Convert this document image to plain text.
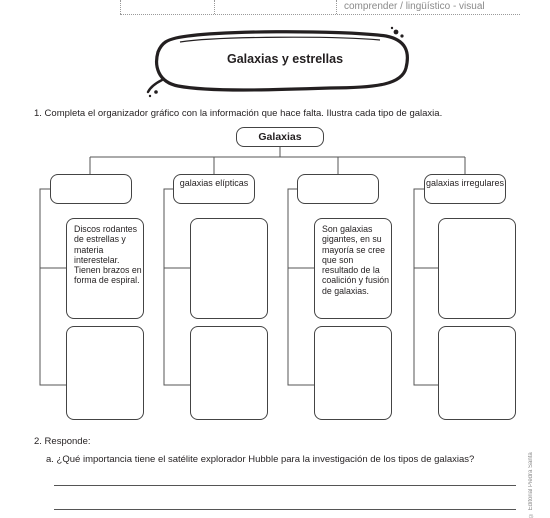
comprender / lingüístico - visual
Galaxias y estrellas
1. Completa el organizador gráfico con la información que hace falta. Ilustra cada tipo de galaxia.
Galaxias
Discos rodantes de estrellas y materia interestelar. Tienen brazos en forma de espiral.
galaxias elípticas
Son galaxias gigantes, en su mayoría se cree que son resultado de la coalición y fusión de galaxias.
galaxias irregulares
2. Responde:
a. ¿Qué importancia tiene el satélite explorador Hubble para la investigación de los tipos de galaxias?	© Editorial Piedra Santa
